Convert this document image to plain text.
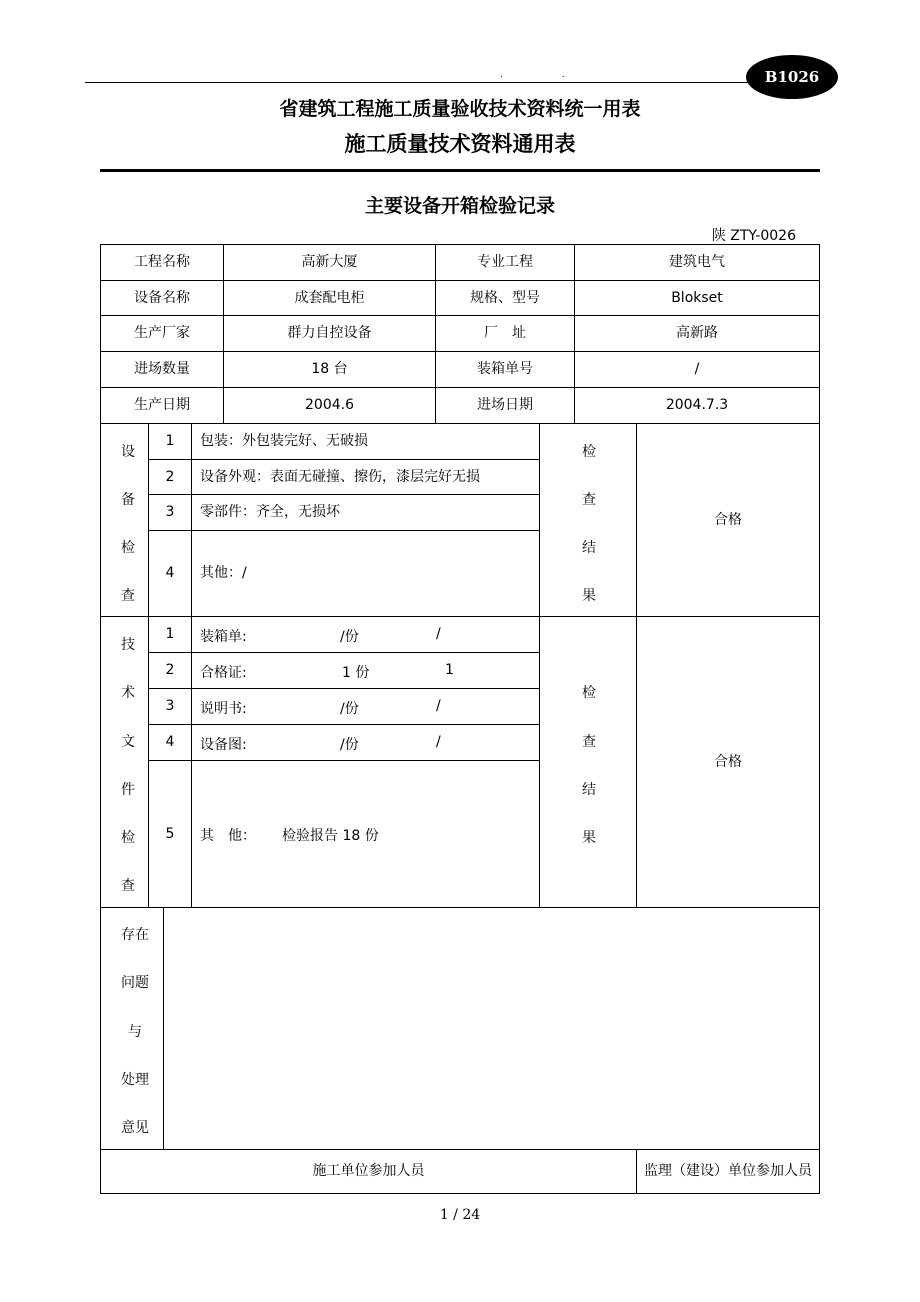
. .	B1026
省建筑工程施工质量验收技术资料统一用表
施工质量技术资料通用表
主要设备开箱检验记录
陕 ZTY-0026
工程名称	高新大厦	专业工程	建筑电气
设备名称	成套配电柜	规格、型号	Blokset
生产厂家	群力自控设备	厂　址	高新路
进场数量	18 台	装箱单号	/
生产日期	2004.6	进场日期	2004.7.3
设
备
检
查
1	包装：外包装完好、无破损
2	设备外观：表面无碰撞、擦伤，漆层完好无损
3	零部件：齐全，无损坏
4	其他：/
检
查
结
果
合格
技
术
文
件
检
查
1	装箱单:	/份	/
2	合格证:	1 份	1
3	说明书:	/份	/
4	设备图:	/份	/
5	其　他： 检验报告 18 份
检
查
结
果
合格
存在
问题
与
处理
意见
施工单位参加人员	监理（建设）单位参加人员
1 / 24
